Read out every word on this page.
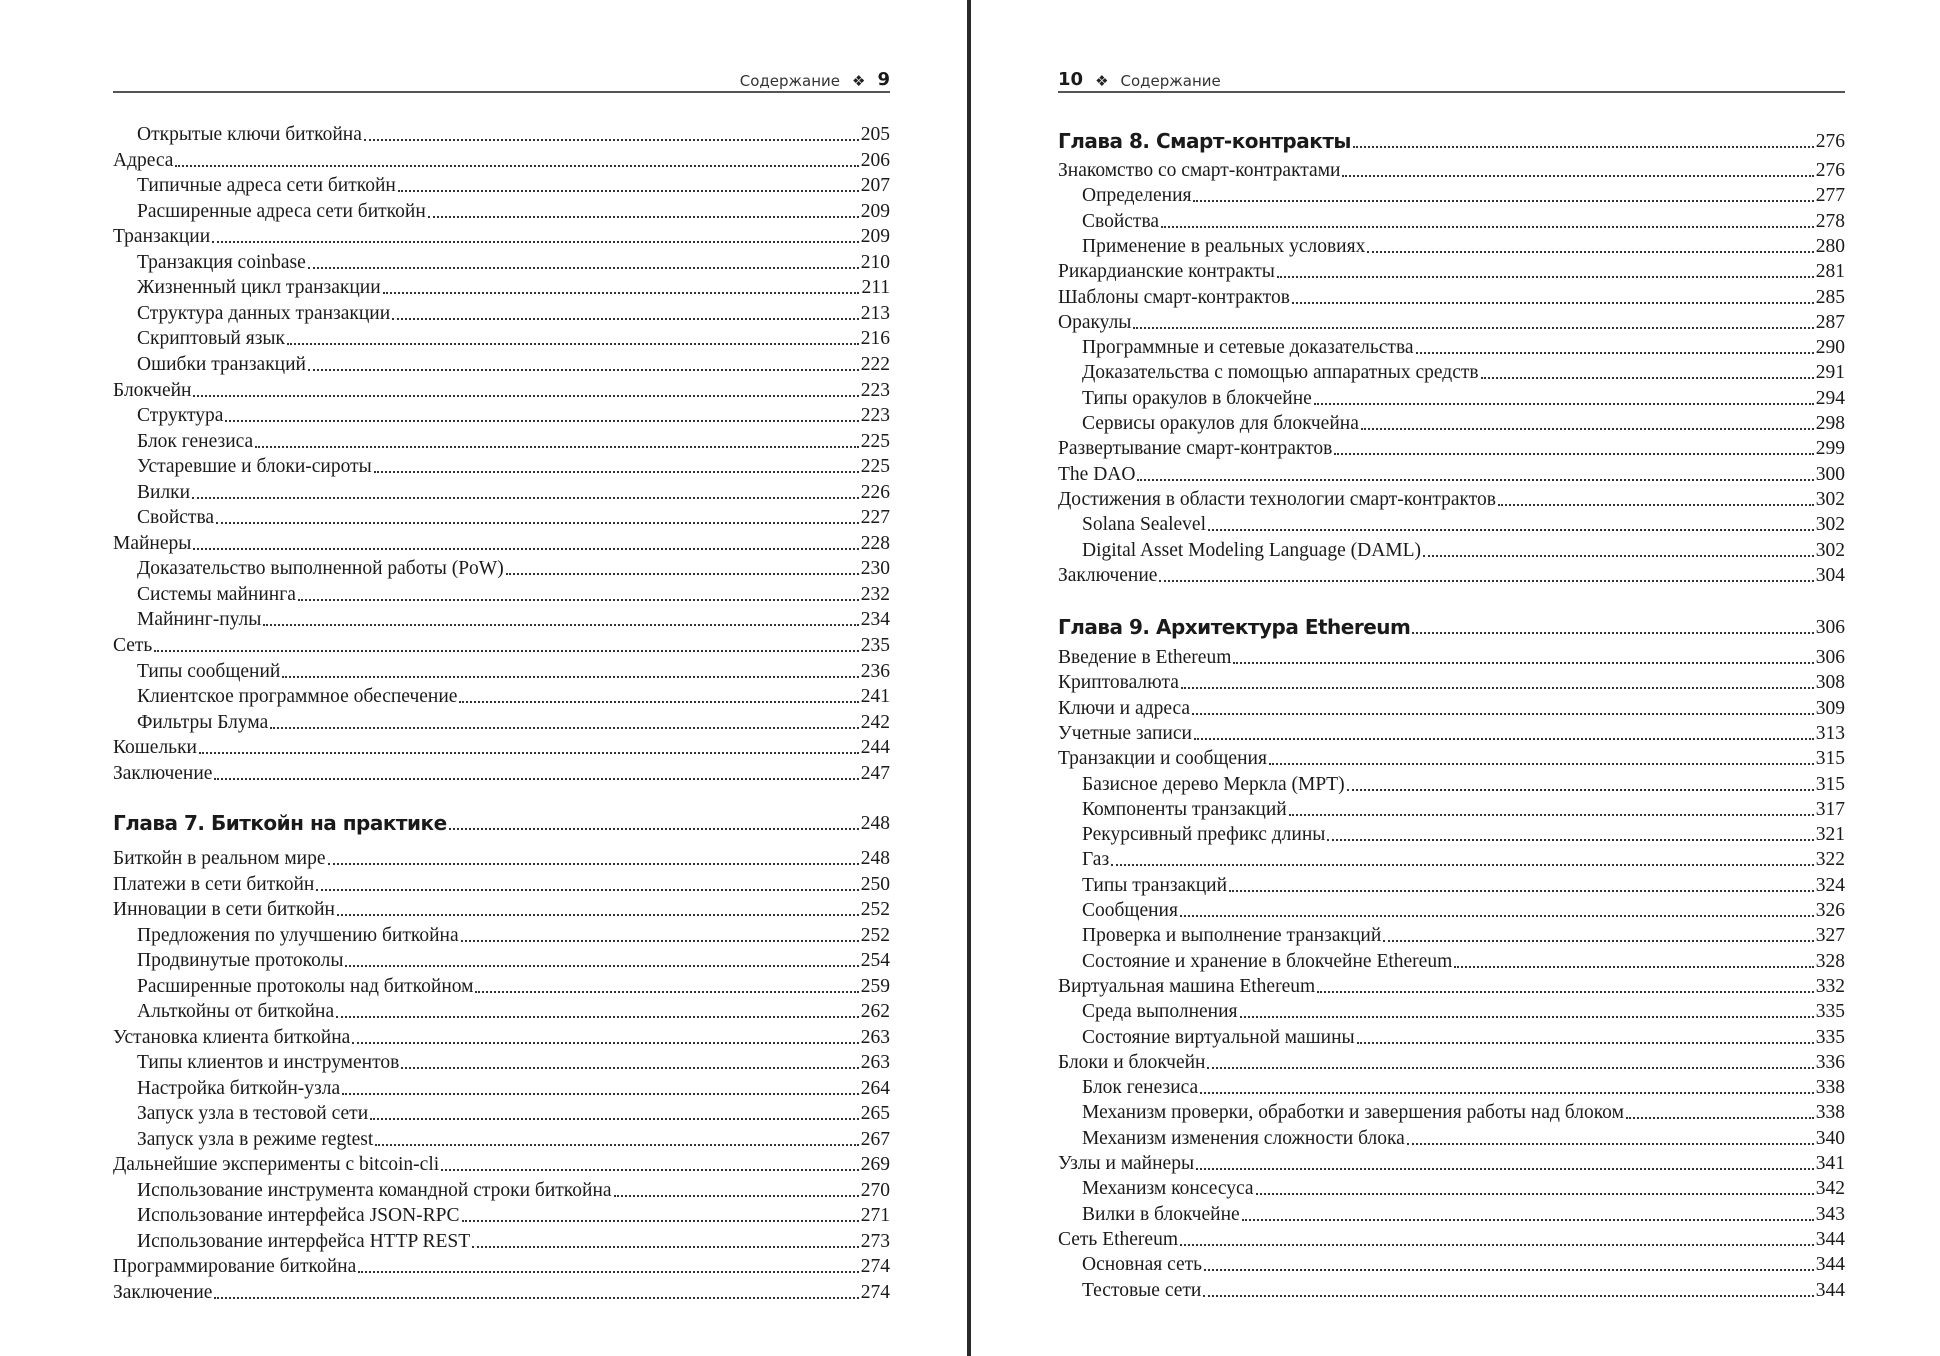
Содержание ❖ 9
Открытые ключи биткойна	205
Адреса	206
Типичные адреса сети биткойн	207
Расширенные адреса сети биткойн	209
Транзакции	209
Транзакция coinbase	210
Жизненный цикл транзакции	211
Структура данных транзакции	213
Скриптовый язык	216
Ошибки транзакций	222
Блокчейн	223
Структура	223
Блок генезиса	225
Устаревшие и блоки-сироты	225
Вилки	226
Свойства	227
Майнеры	228
Доказательство выполненной работы (PoW)	230
Системы майнинга	232
Майнинг-пулы	234
Сеть	235
Типы сообщений	236
Клиентское программное обеспечение	241
Фильтры Блума	242
Кошельки	244
Заключение	247
Глава 7. Биткойн на практике	248
Биткойн в реальном мире	248
Платежи в сети биткойн	250
Инновации в сети биткойн	252
Предложения по улучшению биткойна	252
Продвинутые протоколы	254
Расширенные протоколы над биткойном	259
Альткойны от биткойна	262
Установка клиента биткойна	263
Типы клиентов и инструментов	263
Настройка биткойн-узла	264
Запуск узла в тестовой сети	265
Запуск узла в режиме regtest	267
Дальнейшие эксперименты с bitcoin-cli	269
Использование инструмента командной строки биткойна	270
Использование интерфейса JSON-RPC	271
Использование интерфейса HTTP REST	273
Программирование биткойна	274
Заключение	274
10 ❖ Содержание
Глава 8. Смарт-контракты	276
Знакомство со смарт-контрактами	276
Определения	277
Свойства	278
Применение в реальных условиях	280
Рикардианские контракты	281
Шаблоны смарт-контрактов	285
Оракулы	287
Программные и сетевые доказательства	290
Доказательства с помощью аппаратных средств	291
Типы оракулов в блокчейне	294
Сервисы оракулов для блокчейна	298
Развертывание смарт-контрактов	299
The DAO	300
Достижения в области технологии смарт-контрактов	302
Solana Sealevel	302
Digital Asset Modeling Language (DAML)	302
Заключение	304
Глава 9. Архитектура Ethereum	306
Введение в Ethereum	306
Криптовалюта	308
Ключи и адреса	309
Учетные записи	313
Транзакции и сообщения	315
Базисное дерево Меркла (MPT)	315
Компоненты транзакций	317
Рекурсивный префикс длины	321
Газ	322
Типы транзакций	324
Сообщения	326
Проверка и выполнение транзакций	327
Состояние и хранение в блокчейне Ethereum	328
Виртуальная машина Ethereum	332
Среда выполнения	335
Состояние виртуальной машины	335
Блоки и блокчейн	336
Блок генезиса	338
Механизм проверки, обработки и завершения работы над блоком	338
Механизм изменения сложности блока	340
Узлы и майнеры	341
Механизм консесуса	342
Вилки в блокчейне	343
Сеть Ethereum	344
Основная сеть	344
Тестовые сети	344
